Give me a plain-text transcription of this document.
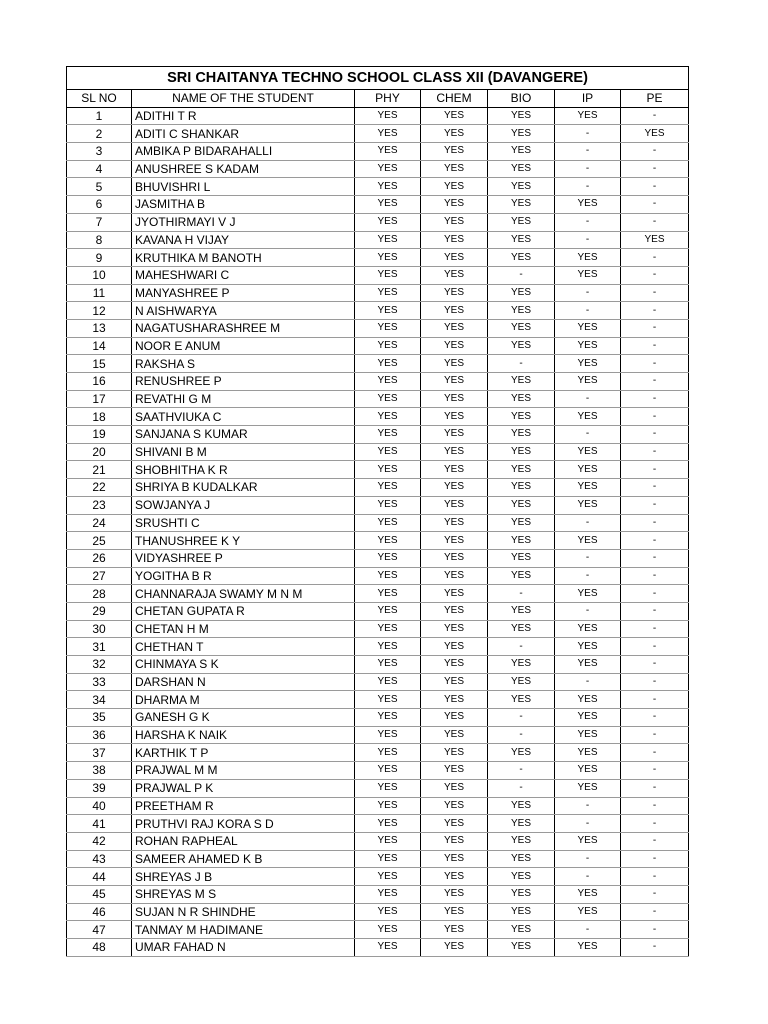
SRI CHAITANYA TECHNO SCHOOL CLASS XII (DAVANGERE)						
SL NO	NAME OF THE STUDENT	PHY	CHEM	BIO	IP	PE
1	ADITHI T R	YES	YES	YES	YES	-
2	ADITI C SHANKAR	YES	YES	YES	-	YES
3	AMBIKA P BIDARAHALLI	YES	YES	YES	-	-
4	ANUSHREE S KADAM	YES	YES	YES	-	-
5	BHUVISHRI L	YES	YES	YES	-	-
6	JASMITHA B	YES	YES	YES	YES	-
7	JYOTHIRMAYI V J	YES	YES	YES	-	-
8	KAVANA H VIJAY	YES	YES	YES	-	YES
9	KRUTHIKA M BANOTH	YES	YES	YES	YES	-
10	MAHESHWARI C	YES	YES	-	YES	-
11	MANYASHREE P	YES	YES	YES	-	-
12	N AISHWARYA	YES	YES	YES	-	-
13	NAGATUSHARASHREE M	YES	YES	YES	YES	-
14	NOOR E ANUM	YES	YES	YES	YES	-
15	RAKSHA S	YES	YES	-	YES	-
16	RENUSHREE P	YES	YES	YES	YES	-
17	REVATHI G M	YES	YES	YES	-	-
18	SAATHVIUKA C	YES	YES	YES	YES	-
19	SANJANA S KUMAR	YES	YES	YES	-	-
20	SHIVANI B M	YES	YES	YES	YES	-
21	SHOBHITHA K R	YES	YES	YES	YES	-
22	SHRIYA B KUDALKAR	YES	YES	YES	YES	-
23	SOWJANYA J	YES	YES	YES	YES	-
24	SRUSHTI C	YES	YES	YES	-	-
25	THANUSHREE K Y	YES	YES	YES	YES	-
26	VIDYASHREE P	YES	YES	YES	-	-
27	YOGITHA B R	YES	YES	YES	-	-
28	CHANNARAJA SWAMY M N M	YES	YES	-	YES	-
29	CHETAN GUPATA R	YES	YES	YES	-	-
30	CHETAN H M	YES	YES	YES	YES	-
31	CHETHAN T	YES	YES	-	YES	-
32	CHINMAYA S K	YES	YES	YES	YES	-
33	DARSHAN N	YES	YES	YES	-	-
34	DHARMA M	YES	YES	YES	YES	-
35	GANESH G K	YES	YES	-	YES	-
36	HARSHA K NAIK	YES	YES	-	YES	-
37	KARTHIK T P	YES	YES	YES	YES	-
38	PRAJWAL M M	YES	YES	-	YES	-
39	PRAJWAL P K	YES	YES	-	YES	-
40	PREETHAM R	YES	YES	YES	-	-
41	PRUTHVI RAJ KORA S D	YES	YES	YES	-	-
42	ROHAN RAPHEAL	YES	YES	YES	YES	-
43	SAMEER AHAMED K B	YES	YES	YES	-	-
44	SHREYAS J B	YES	YES	YES	-	-
45	SHREYAS M S	YES	YES	YES	YES	-
46	SUJAN N R SHINDHE	YES	YES	YES	YES	-
47	TANMAY M HADIMANE	YES	YES	YES	-	-
48	UMAR FAHAD N	YES	YES	YES	YES	-
